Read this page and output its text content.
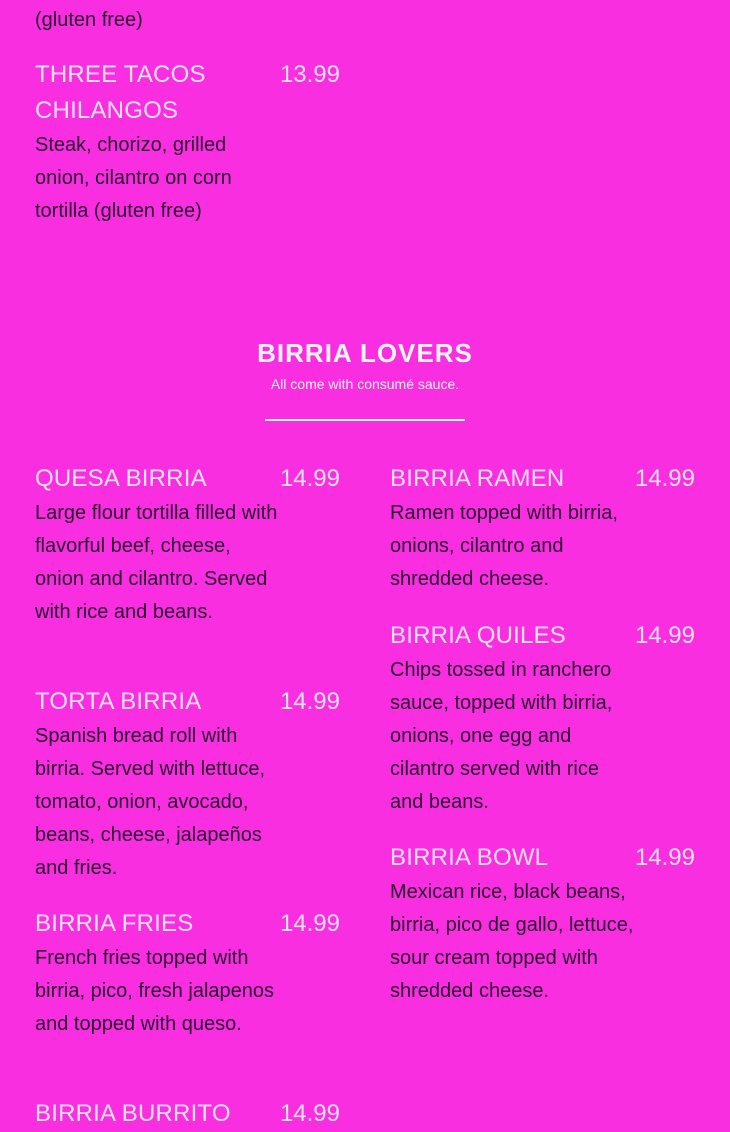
(gluten free)
THREE TACOS CHILANGOS
13.99
Steak, chorizo, grilled onion, cilantro on corn tortilla (gluten free)
BIRRIA LOVERS
All come with consumé sauce.
QUESA BIRRIA	14.99
Large flour tortilla filled with flavorful beef, cheese, onion and cilantro. Served with rice and beans.
TORTA BIRRIA	14.99
Spanish bread roll with birria. Served with lettuce, tomato, onion, avocado, beans, cheese, jalapeños and fries.
BIRRIA FRIES	14.99
French fries topped with birria, pico, fresh jalapenos and topped with queso.
BIRRIA RAMEN	14.99
Ramen topped with birria, onions, cilantro and shredded cheese.
BIRRIA QUILES	14.99
Chips tossed in ranchero sauce, topped with birria, onions, one egg and cilantro served with rice and beans.
BIRRIA BOWL	14.99
Mexican rice, black beans, birria, pico de gallo, lettuce, sour cream topped with shredded cheese.
BIRRIA BURRITO	14.99
